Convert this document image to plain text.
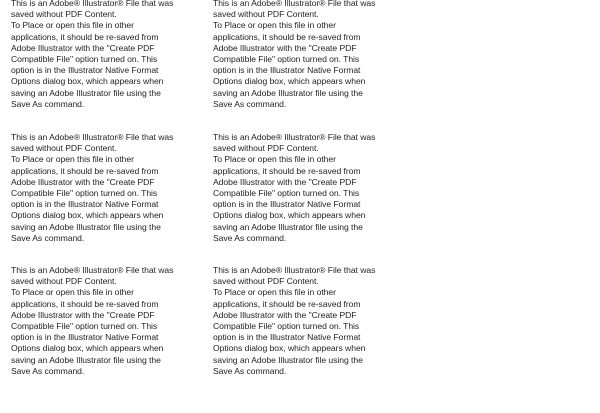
This is an Adobe® Illustrator® File that was
saved without PDF Content.

To Place or open this file in other
applications, it should be re-saved from
Adobe Illustrator with the "Create PDF
Compatible File" option turned on. This
option is in the Illustrator Native Format
Options dialog box, which appears when
saving an Adobe Illustrator file using the
Save As command.

This is an Adobe® Illustrator® File that was
saved without PDF Content.

To Place or open this file in other
applications, it should be re-saved from
Adobe Illustrator with the "Create PDF
Compatible File" option turned on. This
option is in the Illustrator Native Format
Options dialog box, which appears when
saving an Adobe Illustrator file using the
Save As command.

This is an Adobe® Illustrator® File that was
saved without PDF Content.

To Place or open this file in other
applications, it should be re-saved from
Adobe Illustrator with the "Create PDF
Compatible File" option turned on. This
option is in the Illustrator Native Format
Options dialog box, which appears when
saving an Adobe Illustrator file using the
Save As command.

This is an Adobe® Illustrator® File that was
saved without PDF Content.

To Place or open this file in other
applications, it should be re-saved from
Adobe Illustrator with the "Create PDF
Compatible File" option turned on. This
option is in the Illustrator Native Format
Options dialog box, which appears when
saving an Adobe Illustrator file using the
Save As command.

This is an Adobe® Illustrator® File that was
saved without PDF Content.

To Place or open this file in other
applications, it should be re-saved from
Adobe Illustrator with the "Create PDF
Compatible File" option turned on. This
option is in the Illustrator Native Format
Options dialog box, which appears when
saving an Adobe Illustrator file using the
Save As command.

This is an Adobe® Illustrator® File that was
saved without PDF Content.

To Place or open this file in other
applications, it should be re-saved from
Adobe Illustrator with the "Create PDF
Compatible File" option turned on. This
option is in the Illustrator Native Format
Options dialog box, which appears when
saving an Adobe Illustrator file using the
Save As command.
